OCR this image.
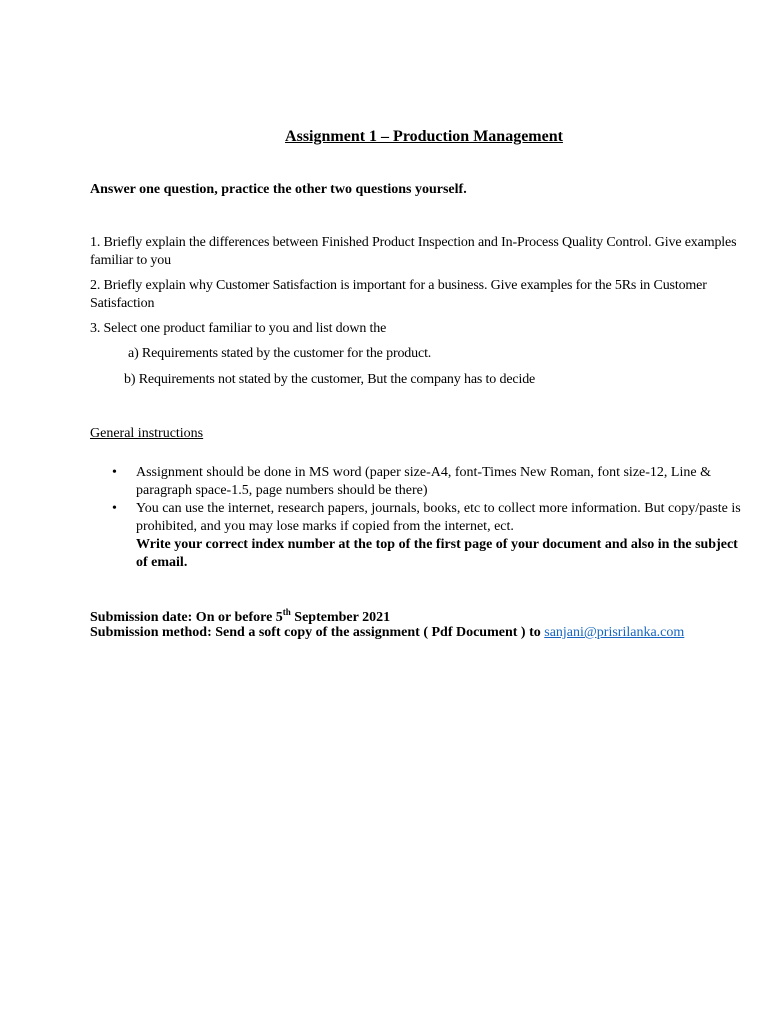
Assignment 1 – Production Management
Answer one question, practice the other two questions yourself.
1. Briefly explain the differences between Finished Product Inspection and In-Process Quality Control. Give examples familiar to you
2. Briefly explain why Customer Satisfaction is important for a business. Give examples for the 5Rs in Customer Satisfaction
3. Select one product familiar to you and list down the
a) Requirements stated by the customer for the product.
b) Requirements not stated by the customer, But the company has to decide
General instructions
• Assignment should be done in MS word (paper size-A4, font-Times New Roman, font size-12, Line & paragraph space-1.5, page numbers should be there)
• You can use the internet, research papers, journals, books, etc to collect more information. But copy/paste is prohibited, and you may lose marks if copied from the internet, ect.
Write your correct index number at the top of the first page of your document and also in the subject of email.
Submission date: On or before 5th September 2021
Submission method: Send a soft copy of the assignment ( Pdf Document ) to sanjani@prisrilanka.com
